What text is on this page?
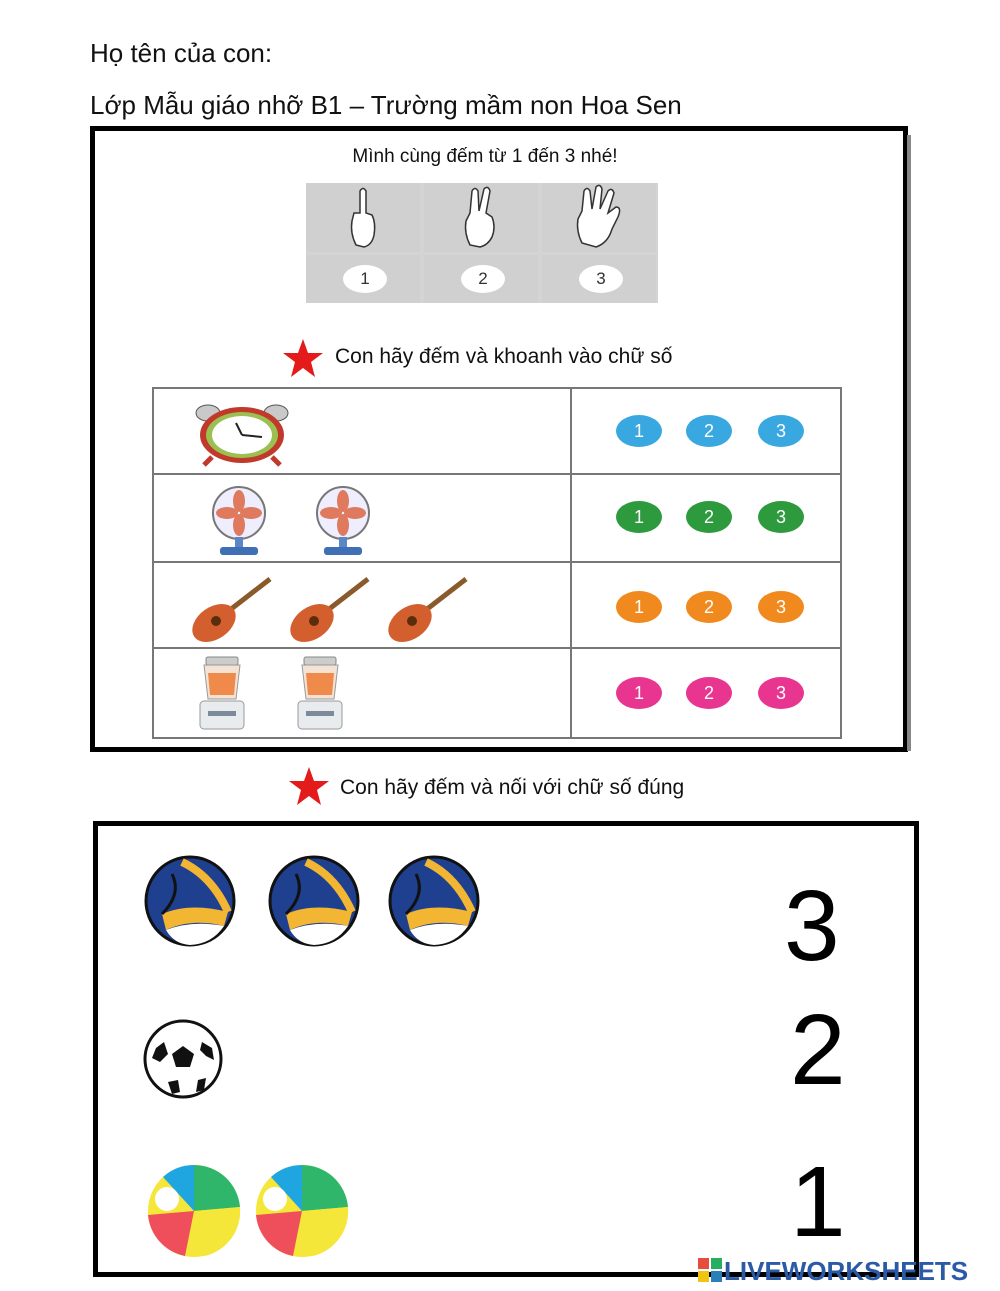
Họ tên của con:
Lớp Mẫu giáo nhỡ B1 – Trường mầm non Hoa Sen
Mình cùng đếm từ 1 đến 3 nhé!
1	2	3
Con hãy đếm và khoanh vào chữ số
1	2	3
1	2	3
1	2	3
1	2	3
Con hãy đếm và nối với chữ số đúng
3
2
1
LIVEWORKSHEETS
